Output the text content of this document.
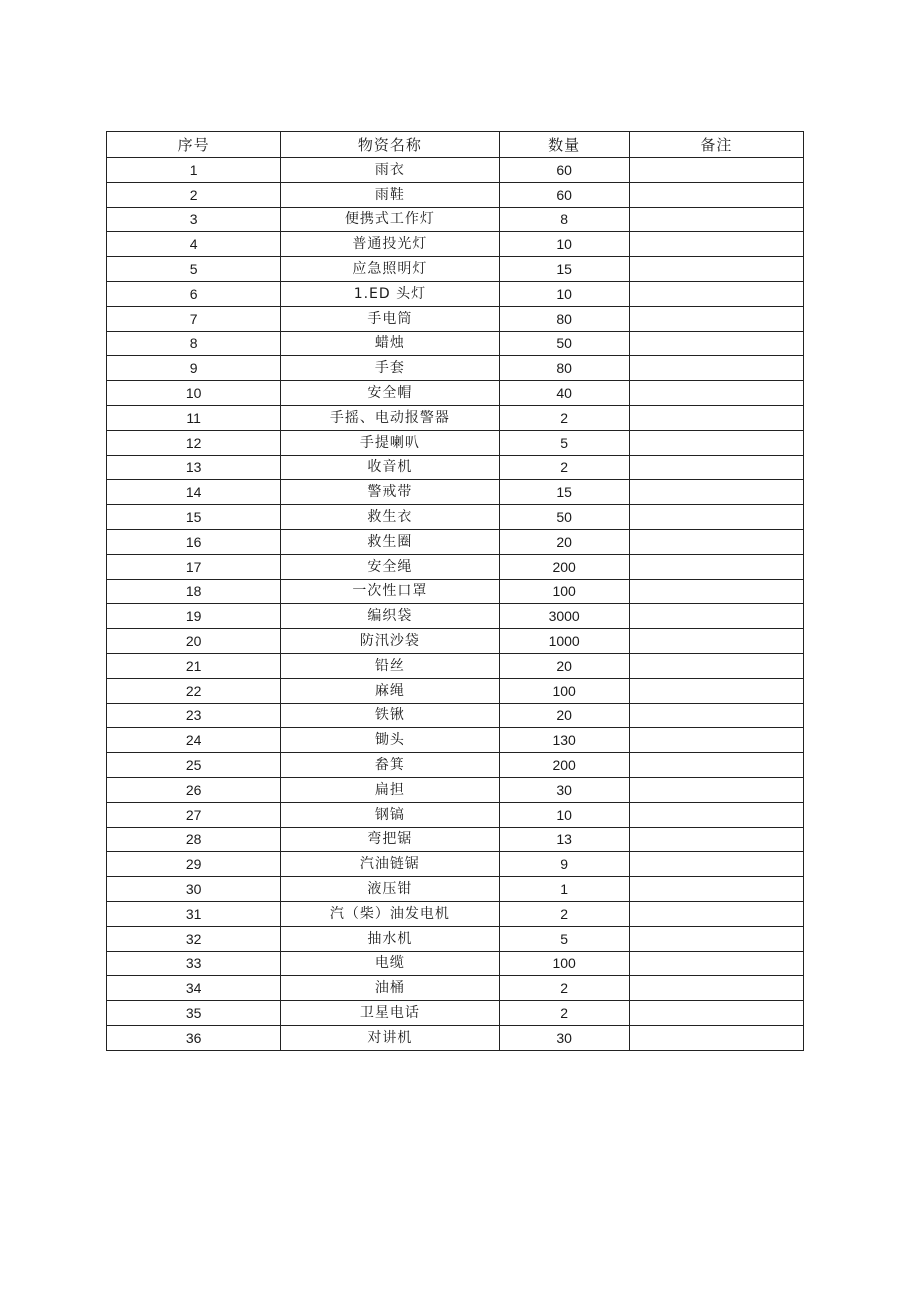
序号	物资名称	数量	备注
1	雨衣	60	
2	雨鞋	60	
3	便携式工作灯	8	
4	普通投光灯	10	
5	应急照明灯	15	
6	1.ED 头灯	10	
7	手电筒	80	
8	蜡烛	50	
9	手套	80	
10	安全帽	40	
11	手摇、电动报警器	2	
12	手提喇叭	5	
13	收音机	2	
14	警戒带	15	
15	救生衣	50	
16	救生圈	20	
17	安全绳	200	
18	一次性口罩	100	
19	编织袋	3000	
20	防汛沙袋	1000	
21	铅丝	20	
22	麻绳	100	
23	铁锹	20	
24	锄头	130	
25	畚箕	200	
26	扁担	30	
27	钢镐	10	
28	弯把锯	13	
29	汽油链锯	9	
30	液压钳	1	
31	汽（柴）油发电机	2	
32	抽水机	5	
33	电缆	100	
34	油桶	2	
35	卫星电话	2	
36	对讲机	30	
